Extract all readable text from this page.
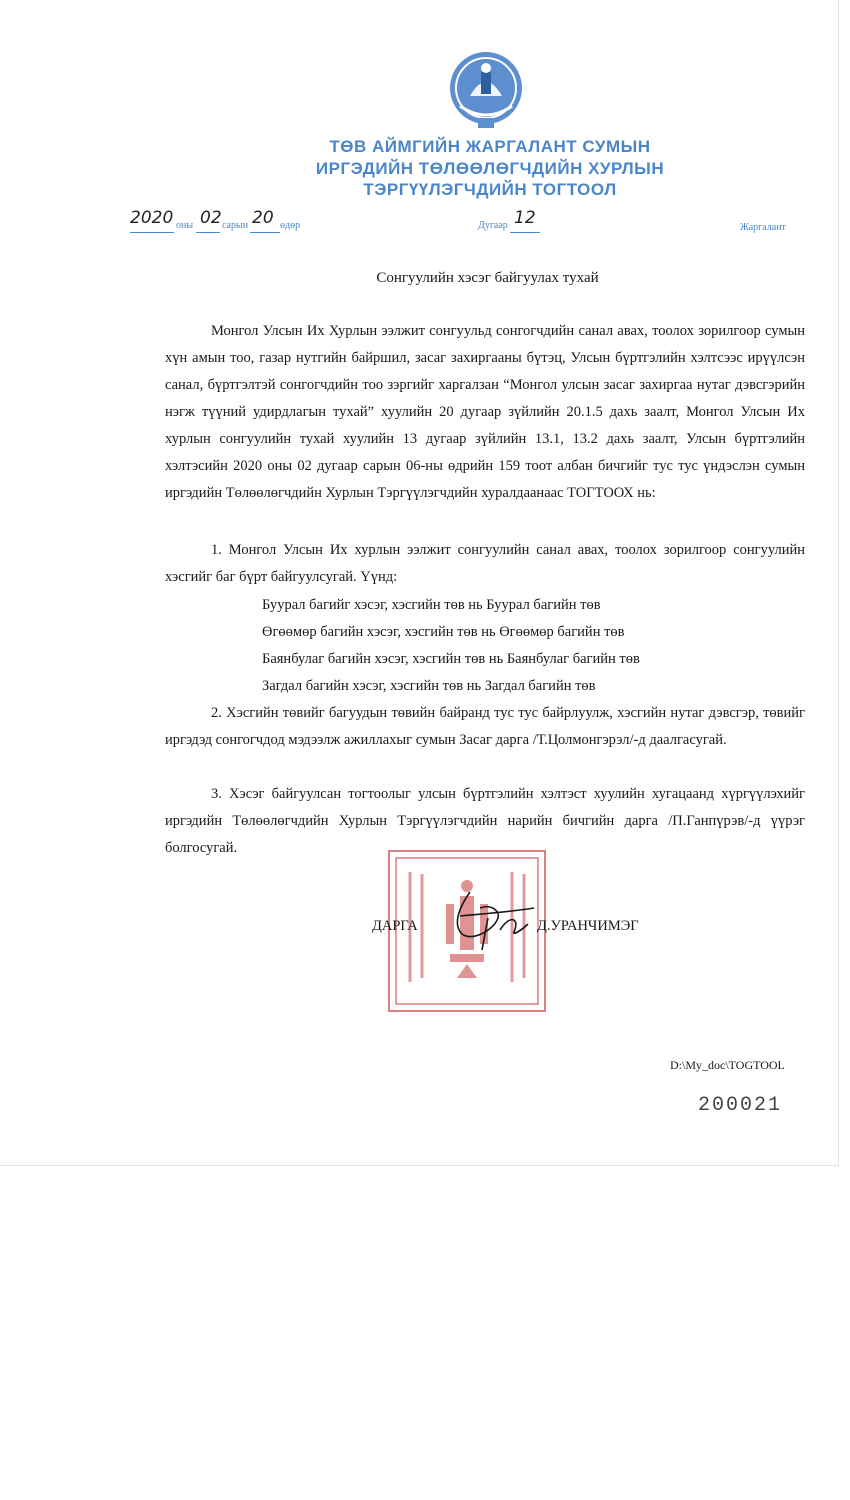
ТӨВ АЙМГИЙН ЖАРГАЛАНТ СУМЫН
ИРГЭДИЙН ТӨЛӨӨЛӨГЧДИЙН ХУРЛЫН
ТЭРГҮҮЛЭГЧДИЙН ТОГТООЛ
2020 оны 02 сарын 20 өдөр	Дугаар 12	Жаргалант
Сонгуулийн хэсэг байгуулах тухай

Монгол Улсын Их Хурлын ээлжит сонгуульд сонгогчдийн санал авах, тоолох зорилгоор сумын хүн амын тоо, газар нутгийн байршил, засаг захиргааны бүтэц, Улсын бүртгэлийн хэлтсээс ирүүлсэн санал, бүртгэлтэй сонгогчдийн тоо зэргийг харгалзан “Монгол улсын засаг захиргаа нутаг дэвсгэрийн нэгж түүний удирдлагын тухай” хуулийн 20 дугаар зүйлийн 20.1.5 дахь заалт, Монгол Улсын Их хурлын сонгуулийн тухай хуулийн 13 дугаар зүйлийн 13.1, 13.2 дахь заалт, Улсын бүртгэлийн хэлтэсийн 2020 оны 02 дугаар сарын 06-ны өдрийн 159 тоот албан бичгийг тус тус үндэслэн сумын иргэдийн Төлөөлөгчдийн Хурлын Тэргүүлэгчдийн хуралдаанаас ТОГТООХ нь:

1. Монгол Улсын Их хурлын ээлжит сонгуулийн санал авах, тоолох зорилгоор сонгуулийн хэсгийг баг бүрт байгуулсугай. Үүнд:

Буурал багийг хэсэг, хэсгийн төв нь Буурал багийн төв
Өгөөмөр багийн хэсэг, хэсгийн төв нь Өгөөмөр багийн төв
Баянбулаг багийн хэсэг, хэсгийн төв нь Баянбулаг багийн төв
Загдал багийн хэсэг, хэсгийн төв нь Загдал багийн төв

2. Хэсгийн төвийг багуудын төвийн байранд тус тус байрлуулж, хэсгийн нутаг дэвсгэр, төвийг иргэдэд сонгогчдод мэдээлж ажиллахыг сумын Засаг дарга /Т.Цолмонгэрэл/-д даалгасугай.

3. Хэсэг байгуулсан тогтоолыг улсын бүртгэлийн хэлтэст хуулийн хугацаанд хүргүүлэхийг иргэдийн Төлөөлөгчдийн Хурлын Тэргүүлэгчдийн нарийн бичгийн дарга /П.Ганпүрэв/-д үүрэг болгосугай.

ДАРГА	Д.УРАНЧИМЭГ
D:\My_doc\TOGTOOL
200021
